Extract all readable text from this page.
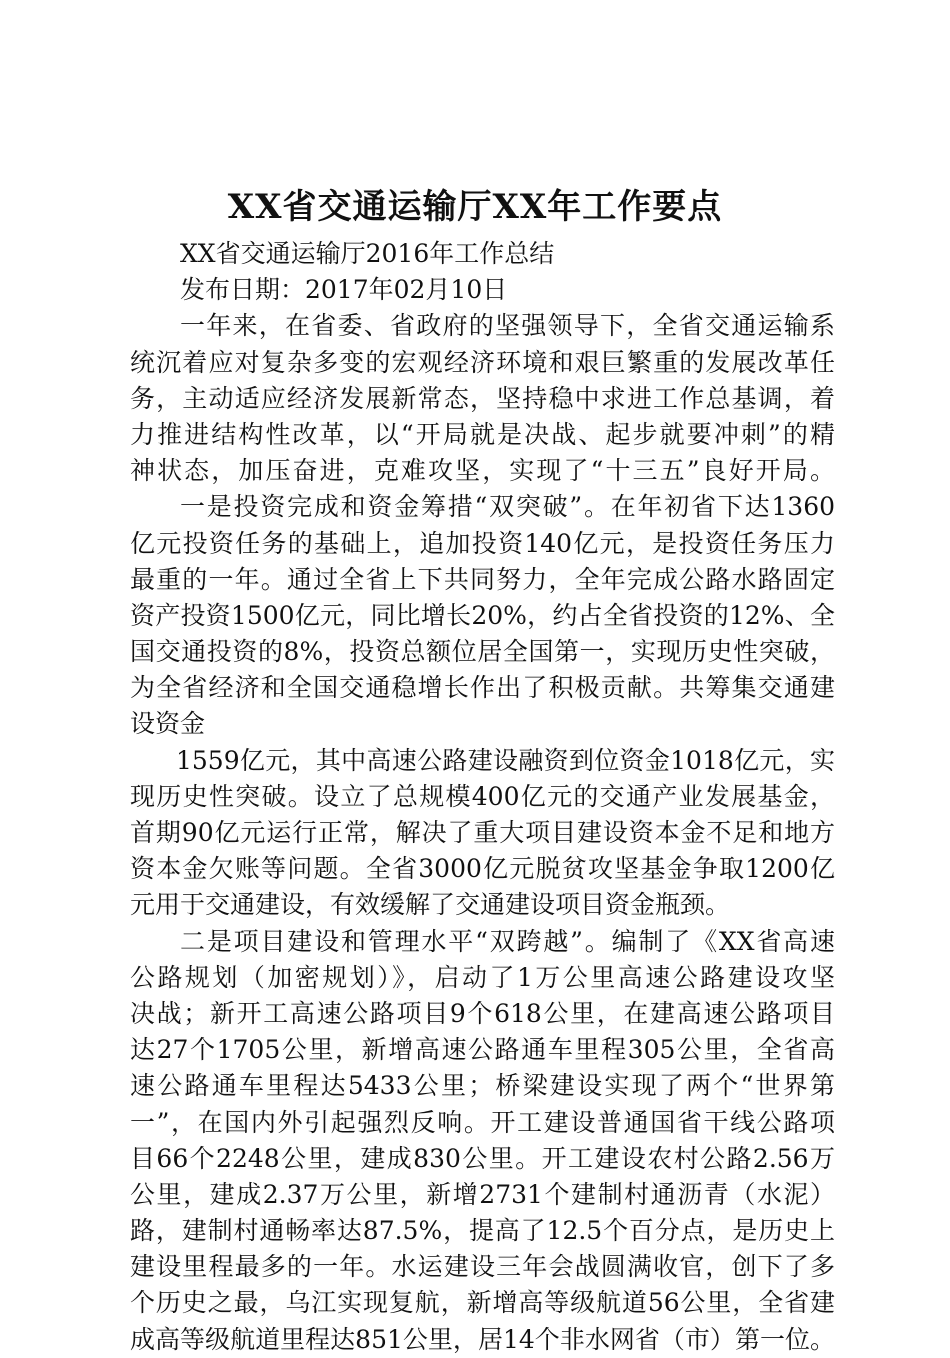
XX省交通运输厅XX年工作要点

XX省交通运输厅2016年工作总结

发布日期：2017年02月10日

一年来，在省委、省政府的坚强领导下，全省交通运输系

统沉着应对复杂多变的宏观经济环境和艰巨繁重的发展改革任

务，主动适应经济发展新常态，坚持稳中求进工作总基调，着

力推进结构性改革，以“开局就是决战、起步就要冲刺”的精

神状态，加压奋进，克难攻坚，实现了“十三五”良好开局。

一是投资完成和资金筹措“双突破”。在年初省下达1360

亿元投资任务的基础上，追加投资140亿元，是投资任务压力

最重的一年。通过全省上下共同努力，全年完成公路水路固定

资产投资1500亿元，同比增长20%，约占全省投资的12%、全

国交通投资的8%，投资总额位居全国第一，实现历史性突破，

为全省经济和全国交通稳增长作出了积极贡献。共筹集交通建

设资金

1559亿元，其中高速公路建设融资到位资金1018亿元，实

现历史性突破。设立了总规模400亿元的交通产业发展基金，

首期90亿元运行正常，解决了重大项目建设资本金不足和地方

资本金欠账等问题。全省3000亿元脱贫攻坚基金争取1200亿

元用于交通建设，有效缓解了交通建设项目资金瓶颈。

二是项目建设和管理水平“双跨越”。编制了《XX省高速

公路规划（加密规划）》，启动了1万公里高速公路建设攻坚

决战；新开工高速公路项目9个618公里，在建高速公路项目

达27个1705公里，新增高速公路通车里程305公里，全省高

速公路通车里程达5433公里；桥梁建设实现了两个“世界第

一”，在国内外引起强烈反响。开工建设普通国省干线公路项

目66个2248公里，建成830公里。开工建设农村公路2.56万

公里，建成2.37万公里，新增2731个建制村通沥青（水泥）

路，建制村通畅率达87.5%，提高了12.5个百分点，是历史上

建设里程最多的一年。水运建设三年会战圆满收官，创下了多

个历史之最，乌江实现复航，新增高等级航道56公里，全省建

成高等级航道里程达851公里，居14个非水网省（市）第一位。
